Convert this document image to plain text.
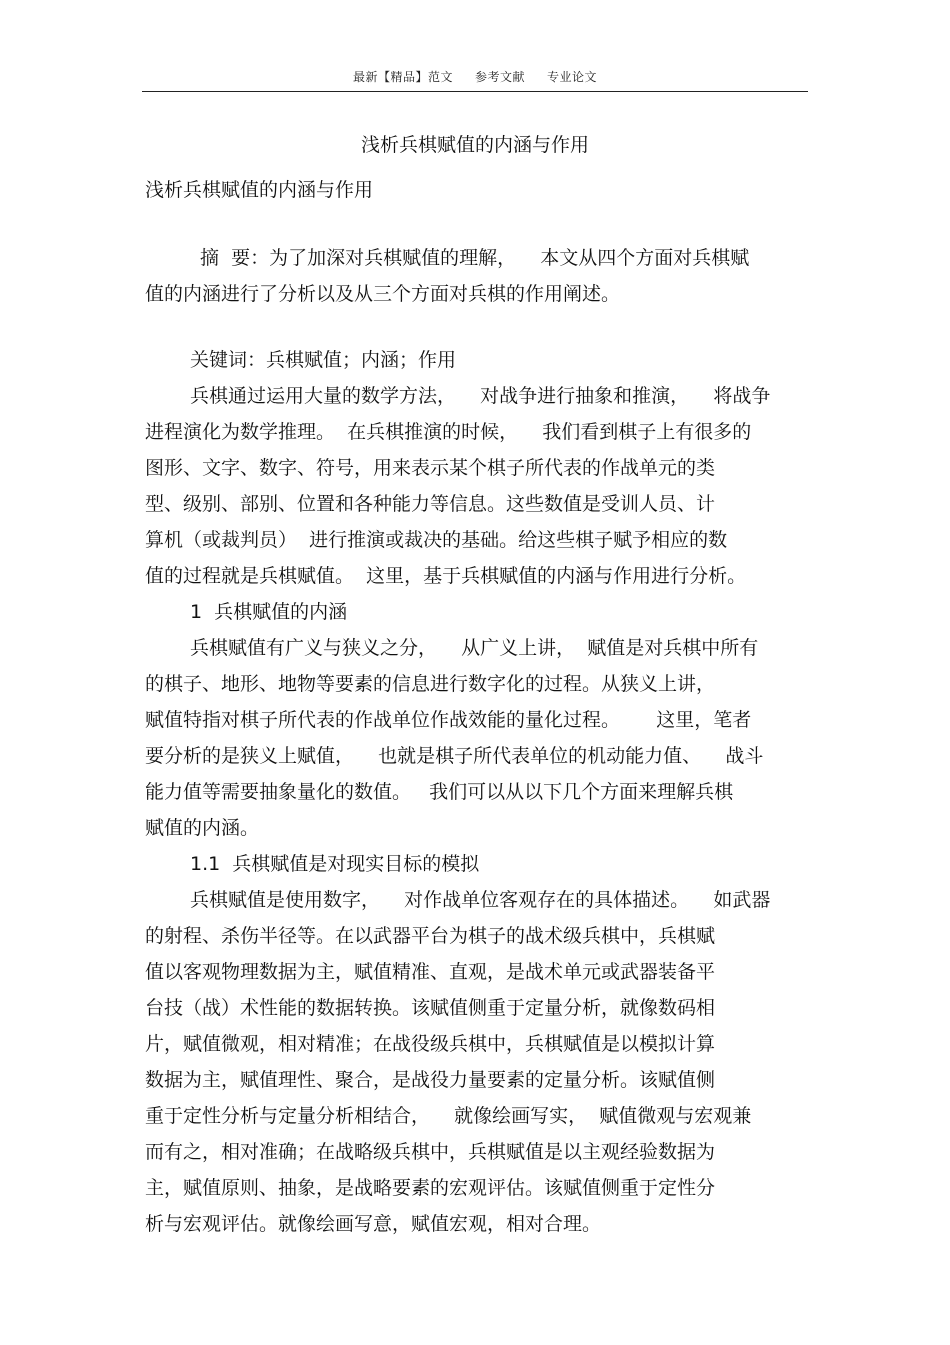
最新【精品】范文 参考文献 专业论文
浅析兵棋赋值的内涵与作用
浅析兵棋赋值的内涵与作用
摘  要：为了加深对兵棋赋值的理解，    本文从四个方面对兵棋赋
值的内涵进行了分析以及从三个方面对兵棋的作用阐述。
关键词：兵棋赋值；内涵；作用
兵棋通过运用大量的数学方法，    对战争进行抽象和推演，    将战争
进程演化为数学推理。  在兵棋推演的时候，    我们看到棋子上有很多的
图形、文字、数字、符号，用来表示某个棋子所代表的作战单元的类
型、级别、部别、位置和各种能力等信息。这些数值是受训人员、计
算机（或裁判员）  进行推演或裁决的基础。给这些棋子赋予相应的数
值的过程就是兵棋赋值。  这里，基于兵棋赋值的内涵与作用进行分析。
1  兵棋赋值的内涵
兵棋赋值有广义与狭义之分，    从广义上讲，  赋值是对兵棋中所有
的棋子、地形、地物等要素的信息进行数字化的过程。从狭义上讲，
赋值特指对棋子所代表的作战单位作战效能的量化过程。      这里，笔者
要分析的是狭义上赋值，    也就是棋子所代表单位的机动能力值、    战斗
能力值等需要抽象量化的数值。   我们可以从以下几个方面来理解兵棋
赋值的内涵。
1.1  兵棋赋值是对现实目标的模拟
兵棋赋值是使用数字，    对作战单位客观存在的具体描述。    如武器
的射程、杀伤半径等。在以武器平台为棋子的战术级兵棋中，兵棋赋
值以客观物理数据为主，赋值精准、直观，是战术单元或武器装备平
台技（战）术性能的数据转换。该赋值侧重于定量分析，就像数码相
片，赋值微观，相对精准；在战役级兵棋中，兵棋赋值是以模拟计算
数据为主，赋值理性、聚合，是战役力量要素的定量分析。该赋值侧
重于定性分析与定量分析相结合，    就像绘画写实，  赋值微观与宏观兼
而有之，相对准确；在战略级兵棋中，兵棋赋值是以主观经验数据为
主，赋值原则、抽象，是战略要素的宏观评估。该赋值侧重于定性分
析与宏观评估。就像绘画写意，赋值宏观，相对合理。
